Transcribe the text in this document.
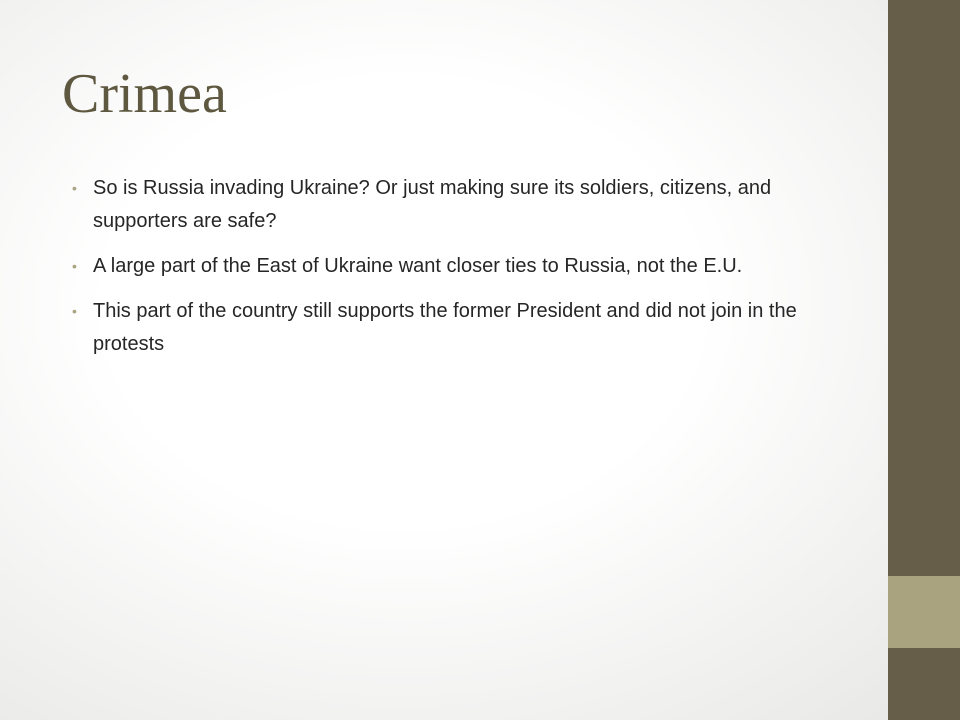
Crimea
• So is Russia invading Ukraine? Or just making sure its soldiers, citizens, and supporters are safe?
• A large part of the East of Ukraine want closer ties to Russia, not the E.U.
• This part of the country still supports the former President and did not join in the protests
